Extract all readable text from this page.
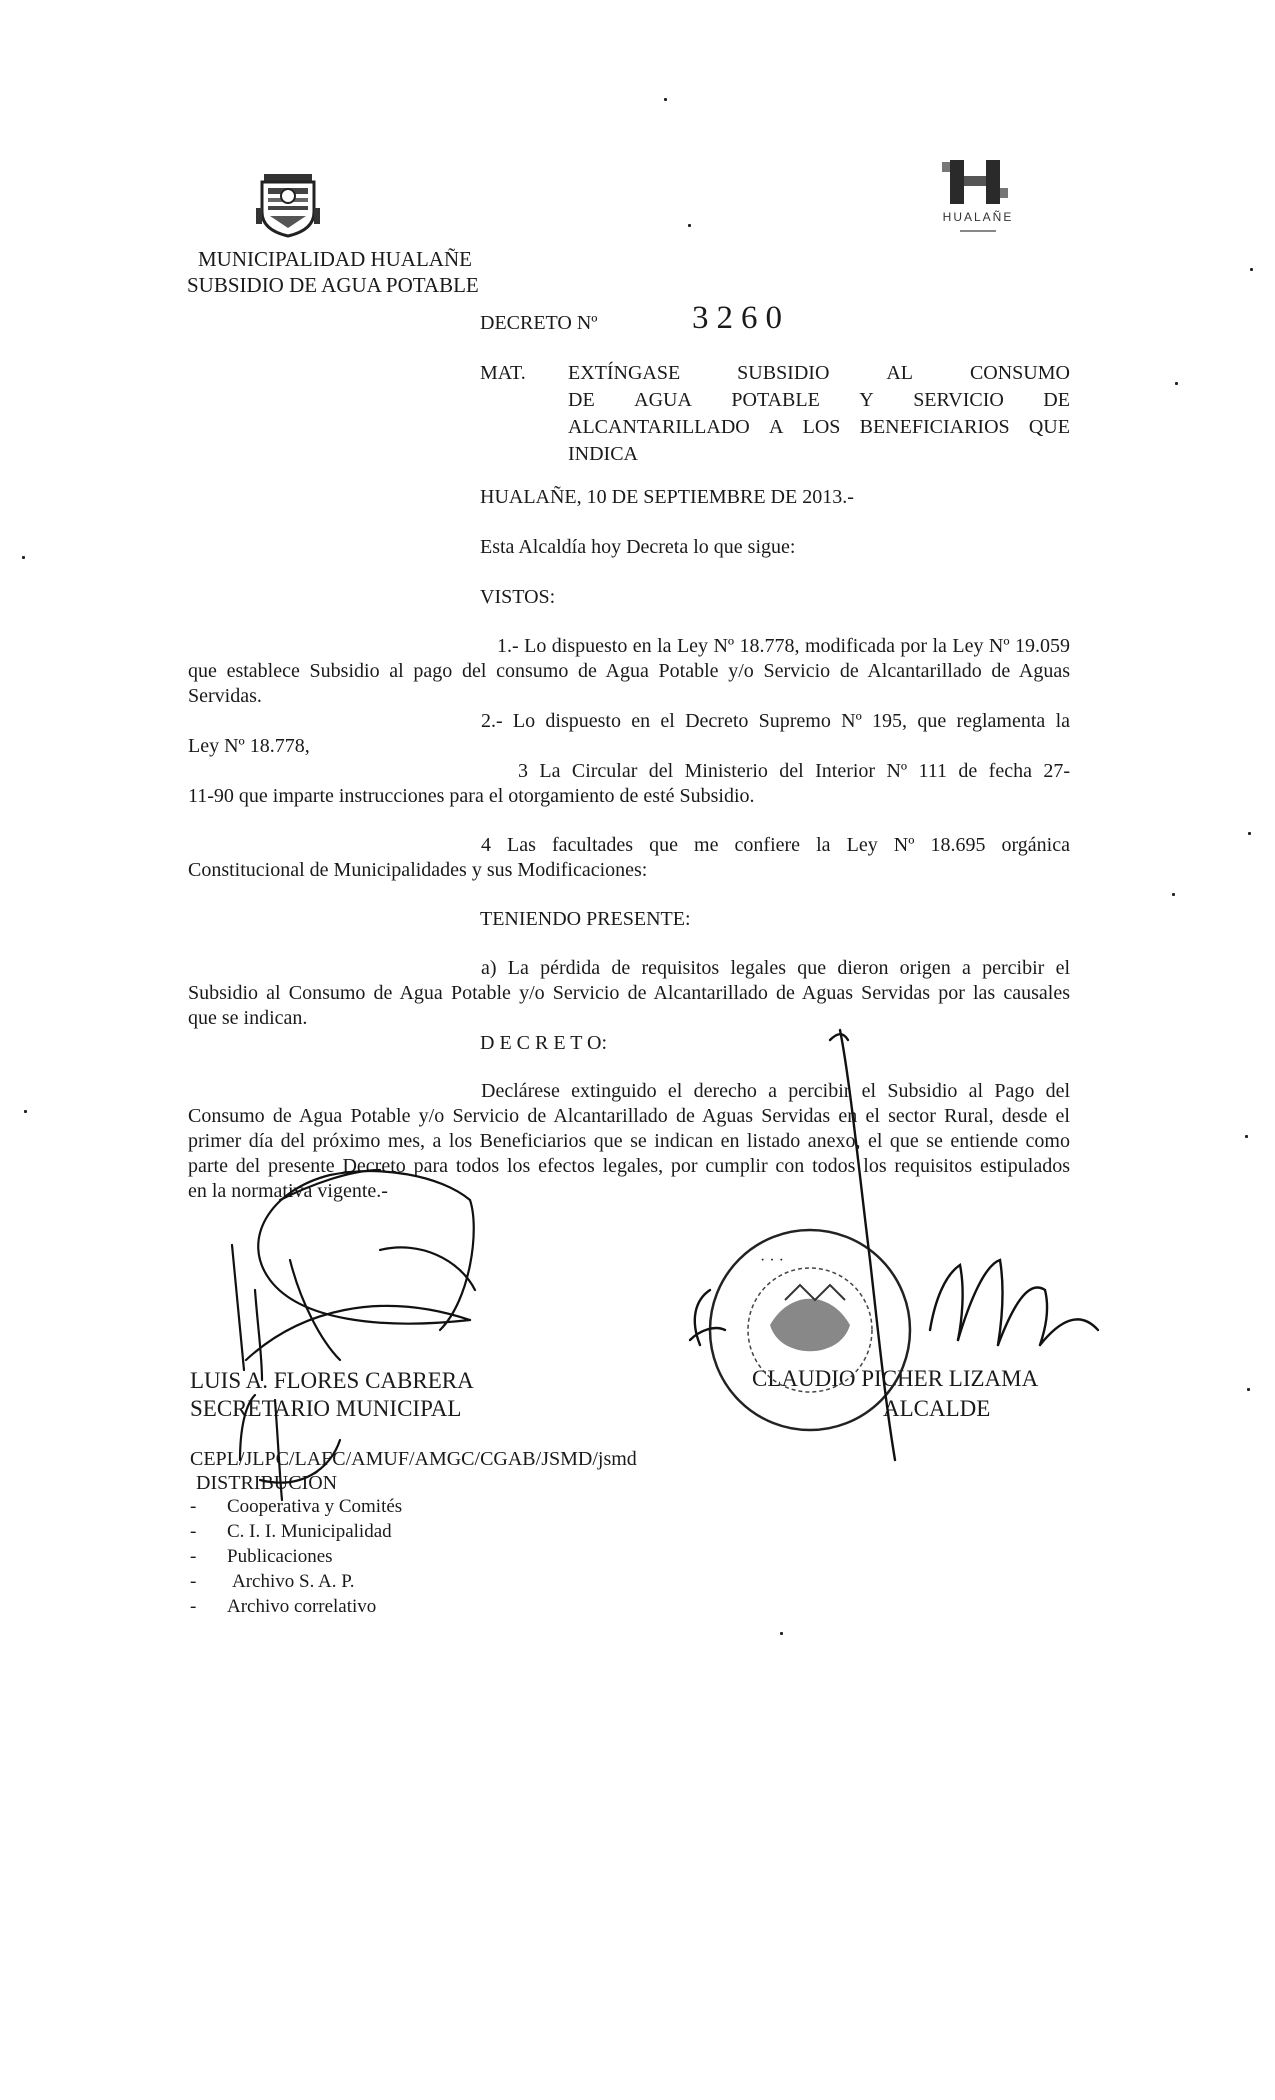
MUNICIPALIDAD HUALAÑE
SUBSIDIO DE AGUA POTABLE
HUALAÑE
DECRETO Nº	3260
MAT. EXTÍNGASE	SUBSIDIO	AL	CONSUMO
DE AGUA POTABLE Y SERVICIO DE
ALCANTARILLADO A LOS BENEFICIARIOS QUE
INDICA
HUALAÑE, 10 DE SEPTIEMBRE DE 2013.-
Esta Alcaldía hoy Decreta lo que sigue:
VISTOS:
1.- Lo dispuesto en la Ley Nº 18.778, modificada por la Ley Nº 19.059
que establece Subsidio al pago del consumo de Agua Potable y/o Servicio de Alcantarillado de Aguas
Servidas.
2.- Lo dispuesto en el Decreto Supremo Nº 195, que reglamenta la
Ley Nº 18.778,
3 La Circular del Ministerio del Interior Nº 111 de fecha 27-
11-90 que imparte instrucciones para el otorgamiento de esté Subsidio.
4 Las facultades que me confiere la Ley Nº 18.695 orgánica
Constitucional de Municipalidades y sus Modificaciones:
TENIENDO PRESENTE:
a) La pérdida de requisitos legales que dieron origen a percibir el
Subsidio al Consumo de Agua Potable y/o Servicio de Alcantarillado de Aguas Servidas por las causales
que se indican.
D E C R E T O:
Declárese extinguido el derecho a percibir el Subsidio al Pago del
Consumo de Agua Potable y/o Servicio de Alcantarillado de Aguas Servidas en el sector Rural, desde el
primer día del próximo mes, a los Beneficiarios que se indican en listado anexo, el que se entiende como
parte del presente Decreto para todos los efectos legales, por cumplir con todos los requisitos estipulados
en la normativa vigente.-
LUIS A. FLORES CABRERA
SECRETARIO MUNICIPAL
CLAUDIO PICHER LIZAMA
ALCALDE
CEPL/JLPC/LAFC/AMUF/AMGC/CGAB/JSMD/jsmd
DISTRIBUCIÓN
- Cooperativa y Comités
- C. I. I. Municipalidad
- Publicaciones
- Archivo S. A. P.
- Archivo correlativo
· · ·
